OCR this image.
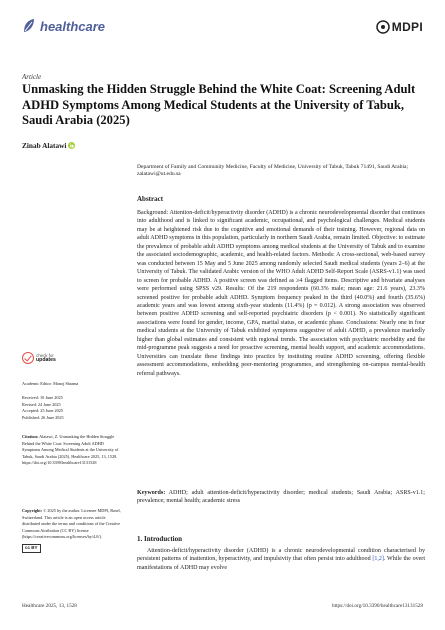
healthcare	MDPI
Article
Unmasking the Hidden Struggle Behind the White Coat: Screening Adult ADHD Symptoms Among Medical Students at the University of Tabuk, Saudi Arabia (2025)
Zinab Alatawi
Department of Family and Community Medicine, Faculty of Medicine, University of Tabuk, Tabuk 71491, Saudi Arabia; zalatawi@ut.edu.sa
Abstract

Background: Attention-deficit/hyperactivity disorder (ADHD) is a chronic neurodevelopmental disorder that continues into adulthood and is linked to significant academic, occupational, and psychological challenges. Medical students may be at heightened risk due to the cognitive and emotional demands of their training. However, regional data on adult ADHD symptoms in this population, particularly in northern Saudi Arabia, remain limited. Objective: to estimate the prevalence of probable adult ADHD symptoms among medical students at the University of Tabuk and to examine the associated sociodemographic, academic, and health-related factors. Methods: A cross-sectional, web-based survey was conducted between 15 May and 5 June 2025 among randomly selected Saudi medical students (years 2–6) at the University of Tabuk. The validated Arabic version of the WHO Adult ADHD Self-Report Scale (ASRS-v1.1) was used to screen for probable ADHD. A positive screen was defined as ≥4 flagged items. Descriptive and bivariate analyses were performed using SPSS v29. Results: Of the 219 respondents (60.3% male; mean age: 21.6 years), 23.3% screened positive for probable adult ADHD. Symptom frequency peaked in the third (40.0%) and fourth (35.6%) academic years and was lowest among sixth-year students (11.4%) (p = 0.012). A strong association was observed between positive ADHD screening and self-reported psychiatric disorders (p < 0.001). No statistically significant associations were found for gender, income, GPA, marital status, or academic phase. Conclusions: Nearly one in four medical students at the University of Tabuk exhibited symptoms suggestive of adult ADHD, a prevalence markedly higher than global estimates and consistent with regional trends. The association with psychiatric morbidity and the mid-programme peak suggests a need for proactive screening, mental health support, and academic accommodations. Universities can translate these findings into practice by instituting routine ADHD screening, offering flexible assessment accommodations, embedding peer-mentoring programmes, and strengthening on-campus mental-health referral pathways.

Keywords: ADHD; adult attention-deficit/hyperactivity disorder; medical students; Saudi Arabia; ASRS-v1.1; prevalence; mental health; academic stress

1. Introduction

Attention-deficit/hyperactivity disorder (ADHD) is a chronic neurodevelopmental condition characterised by persistent patterns of inattention, hyperactivity, and impulsivity that often persist into adulthood [1,2]. While the overt manifestations of ADHD may evolve

check for
updates
Academic Editor: Manoj Sharma
Received: 10 June 2025
Revised: 24 June 2025
Accepted: 25 June 2025
Published: 26 June 2025
Citation: Alatawi, Z. Unmasking the Hidden Struggle Behind the White Coat: Screening Adult ADHD Symptoms Among Medical Students at the University of Tabuk, Saudi Arabia (2025). Healthcare 2025, 13, 1528. https://doi.org/10.3390/healthcare13131528
Copyright: © 2025 by the author. Licensee MDPI, Basel, Switzerland. This article is an open access article distributed under the terms and conditions of the Creative Commons Attribution (CC BY) license (https://creativecommons.org/licenses/by/4.0/).
cc BY
Healthcare 2025, 13, 1528	https://doi.org/10.3390/healthcare13131528
